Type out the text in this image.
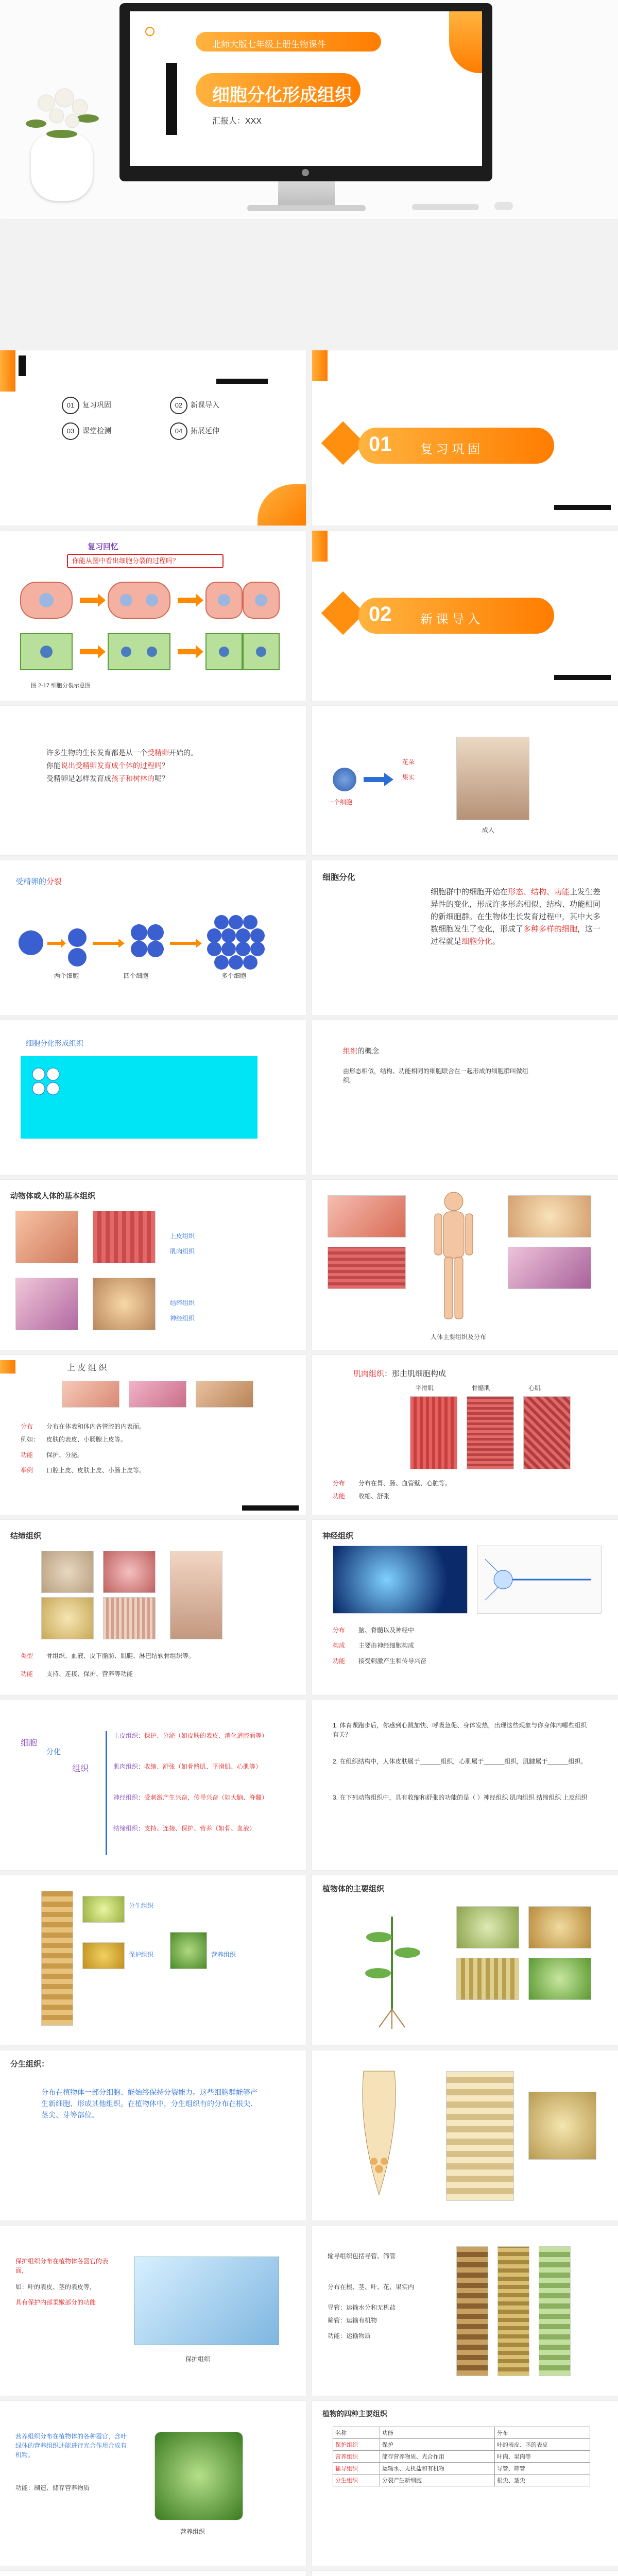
北师大版七年级上册生物课件
细胞分化形成组织
汇报人：XXX
01	复习巩固	02	新课导入
03	课堂检测	04	拓展延伸
01 复 习 巩 固
复习回忆
你能从图中看出细胞分裂的过程吗？
图 2-17 细胞分裂示意图
02 新 课 导 入
许多生物的生长发育都是从一个受精卵开始的。
你能说出受精卵发育成个体的过程吗？
受精卵是怎样发育成孩子和树林的呢？
一个细胞
花朵
果实
成人
受精卵的分裂
两个细胞	四个细胞	多个细胞
细胞分化
细胞群中的细胞开始在形态、结构、功能上发生差异性的变化，形成许多形态相似、结构、功能相同的新细胞群。在生物体生长发育过程中，其中大多数细胞发生了变化，形成了多种多样的细胞，这一过程就是细胞分化。
细胞分化形成组织
组织的概念
由形态相似，结构、功能相同的细胞联合在一起形成的细胞群叫做组织。
动物体或人体的基本组织
上皮组织
肌肉组织
结缔组织
神经组织
人体主要组织及分布
上 皮 组 织
分布 分布在体表和体内各管腔的内表面。
例如： 皮肤的表皮、小肠腺上皮等。
功能 保护、分泌。
举例 口腔上皮、皮肤上皮、小肠上皮等。
肌肉组织：那由肌细胞构成
平滑肌	骨骼肌	心肌
分布 分布在胃、肠、血管壁、心脏等。
功能 收缩、舒张
结缔组织
类型 骨组织、血液、皮下脂肪、肌腱、淋巴结软骨组织等。
功能 支持、连接、保护、营养等功能
神经组织
分布 脑、脊髓以及神经中
构成 主要由神经细胞构成
功能 接受刺激产生和传导兴奋
细胞
分化
组织
上皮组织：保护、分泌（如皮肤的表皮、消化道腔面等）
肌肉组织：收缩、舒张（如骨骼肌、平滑肌、心肌等）
神经组织：受刺激产生兴奋，传导兴奋（如大脑、脊髓）
结缔组织：支持、连接、保护、营养（如骨、血液）
1. 体育课跑步后，你感到心跳加快、呼吸急促、身体发热，出现这些现象与你身体内哪些组织有关？
2. 在组织结构中，人体皮肤属于______组织，心肌属于______组织，肌腱属于______组织。
3. 在下列动物组织中，具有收缩和舒张的功能的是（ ）神经组织 肌肉组织 结缔组织 上皮组织
分生组织
保护组织	营养组织
植物体的主要组织
分生组织：
分布在植物体一部分细胞、能始终保持分裂能力。这些细胞群能够产生新细胞、形成其他组织。在植物体中，分生组织有的分布在根尖、茎尖、芽等部位。
保护组织分布在植物体各器官的表面，
如：叶的表皮、茎的表皮等，
具有保护内部柔嫩部分的功能
保护组织
输导组织包括导管、筛管
分布在根、茎、叶、花、果实内
导管：运输水分和无机盐
筛管：运输有机物
功能：运输物质
营养组织分布在植物体的各种器官，含叶绿体的营养组织还能进行光合作用合成有机物。
功能：制造、储存营养物质
营养组织
植物的四种主要组织
名称	功能	分布
保护组织	保护	叶的表皮、茎的表皮
营养组织	储存营养物质、光合作用	叶肉、果肉等
输导组织	运输水、无机盐和有机物	导管、筛管
分生组织	分裂产生新细胞	根尖、茎尖
